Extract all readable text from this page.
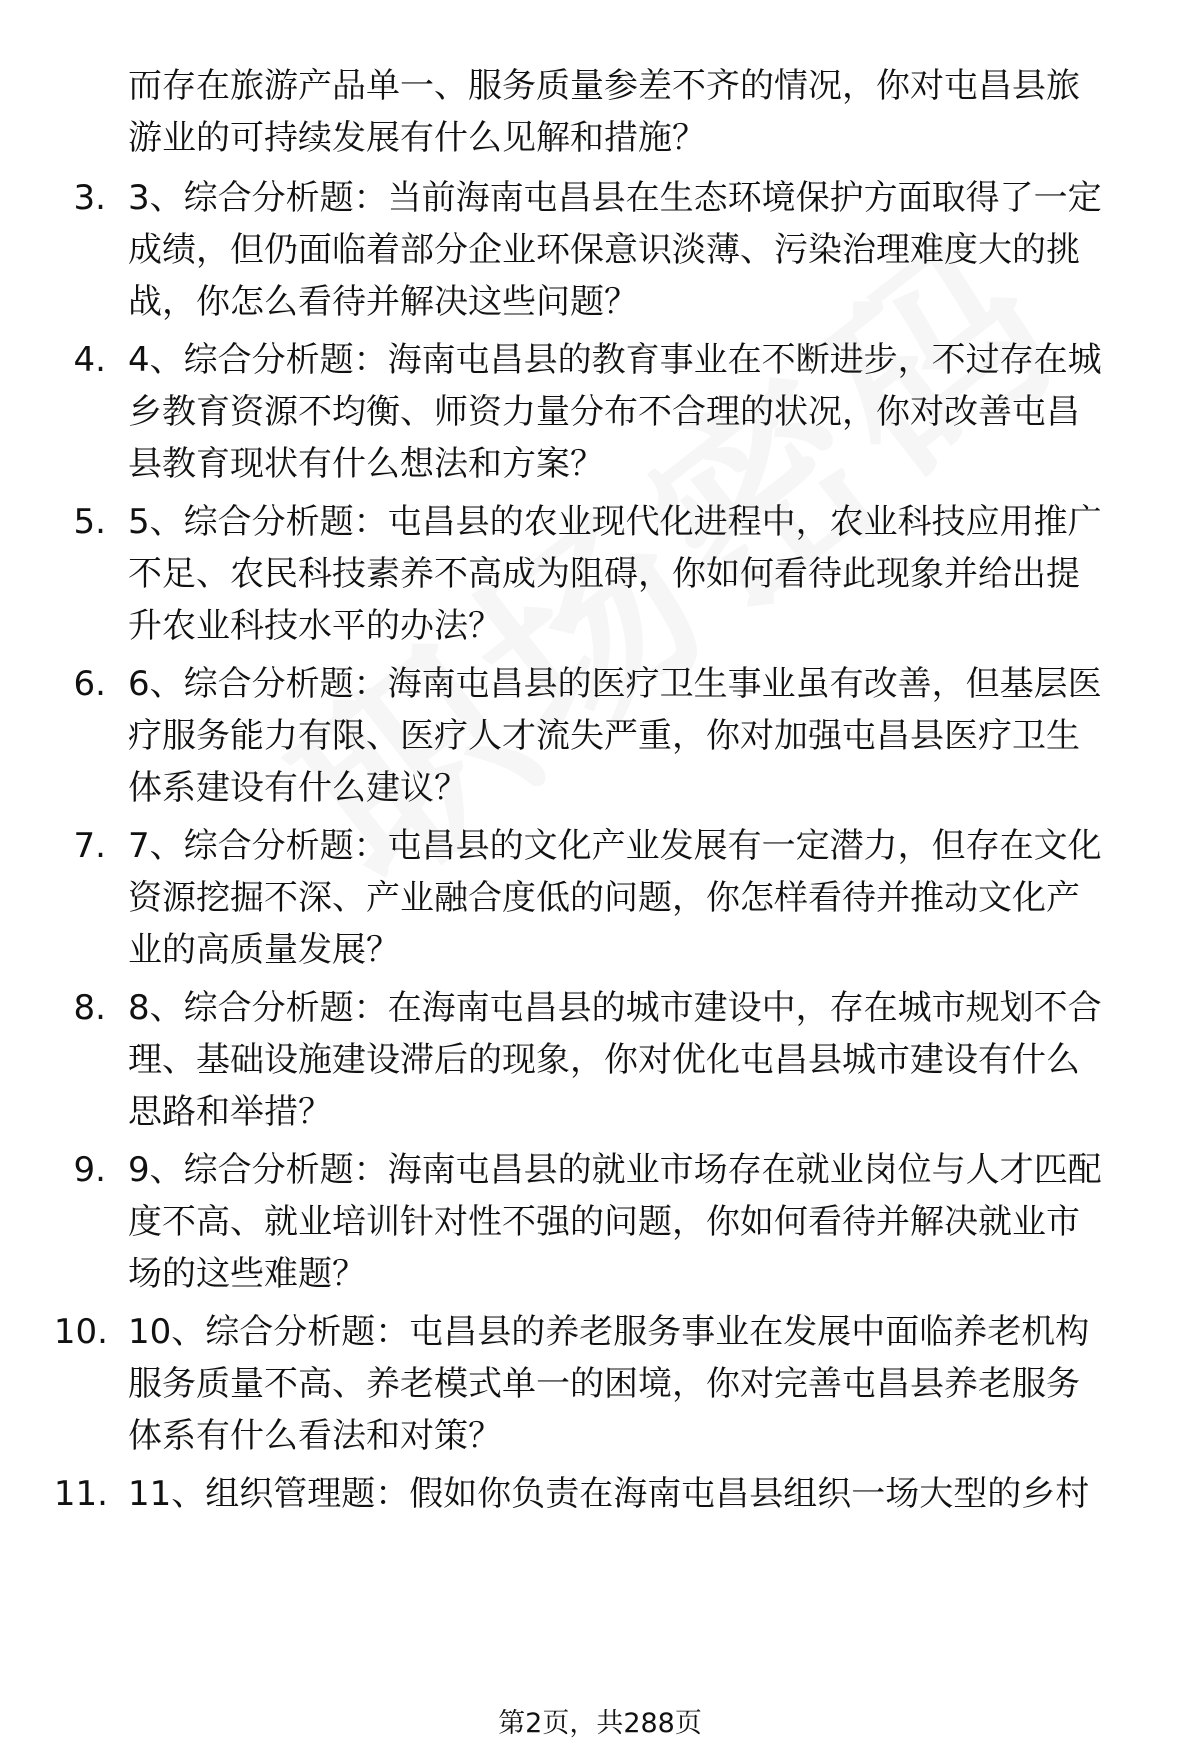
而存在旅游产品单一、服务质量参差不齐的情况，你对屯昌县旅
游业的可持续发展有什么见解和措施？
3. 3、综合分析题：当前海南屯昌县在生态环境保护方面取得了一定
成绩，但仍面临着部分企业环保意识淡薄、污染治理难度大的挑
战，你怎么看待并解决这些问题？
4. 4、综合分析题：海南屯昌县的教育事业在不断进步，不过存在城
乡教育资源不均衡、师资力量分布不合理的状况，你对改善屯昌
县教育现状有什么想法和方案？
5. 5、综合分析题：屯昌县的农业现代化进程中，农业科技应用推广
不足、农民科技素养不高成为阻碍，你如何看待此现象并给出提
升农业科技水平的办法？
6. 6、综合分析题：海南屯昌县的医疗卫生事业虽有改善，但基层医
疗服务能力有限、医疗人才流失严重，你对加强屯昌县医疗卫生
体系建设有什么建议？
7. 7、综合分析题：屯昌县的文化产业发展有一定潜力，但存在文化
资源挖掘不深、产业融合度低的问题，你怎样看待并推动文化产
业的高质量发展？
8. 8、综合分析题：在海南屯昌县的城市建设中，存在城市规划不合
理、基础设施建设滞后的现象，你对优化屯昌县城市建设有什么
思路和举措？
9. 9、综合分析题：海南屯昌县的就业市场存在就业岗位与人才匹配
度不高、就业培训针对性不强的问题，你如何看待并解决就业市
场的这些难题？
10. 10、综合分析题：屯昌县的养老服务事业在发展中面临养老机构
服务质量不高、养老模式单一的困境，你对完善屯昌县养老服务
体系有什么看法和对策？
11. 11、组织管理题：假如你负责在海南屯昌县组织一场大型的乡村
第2页，共288页
